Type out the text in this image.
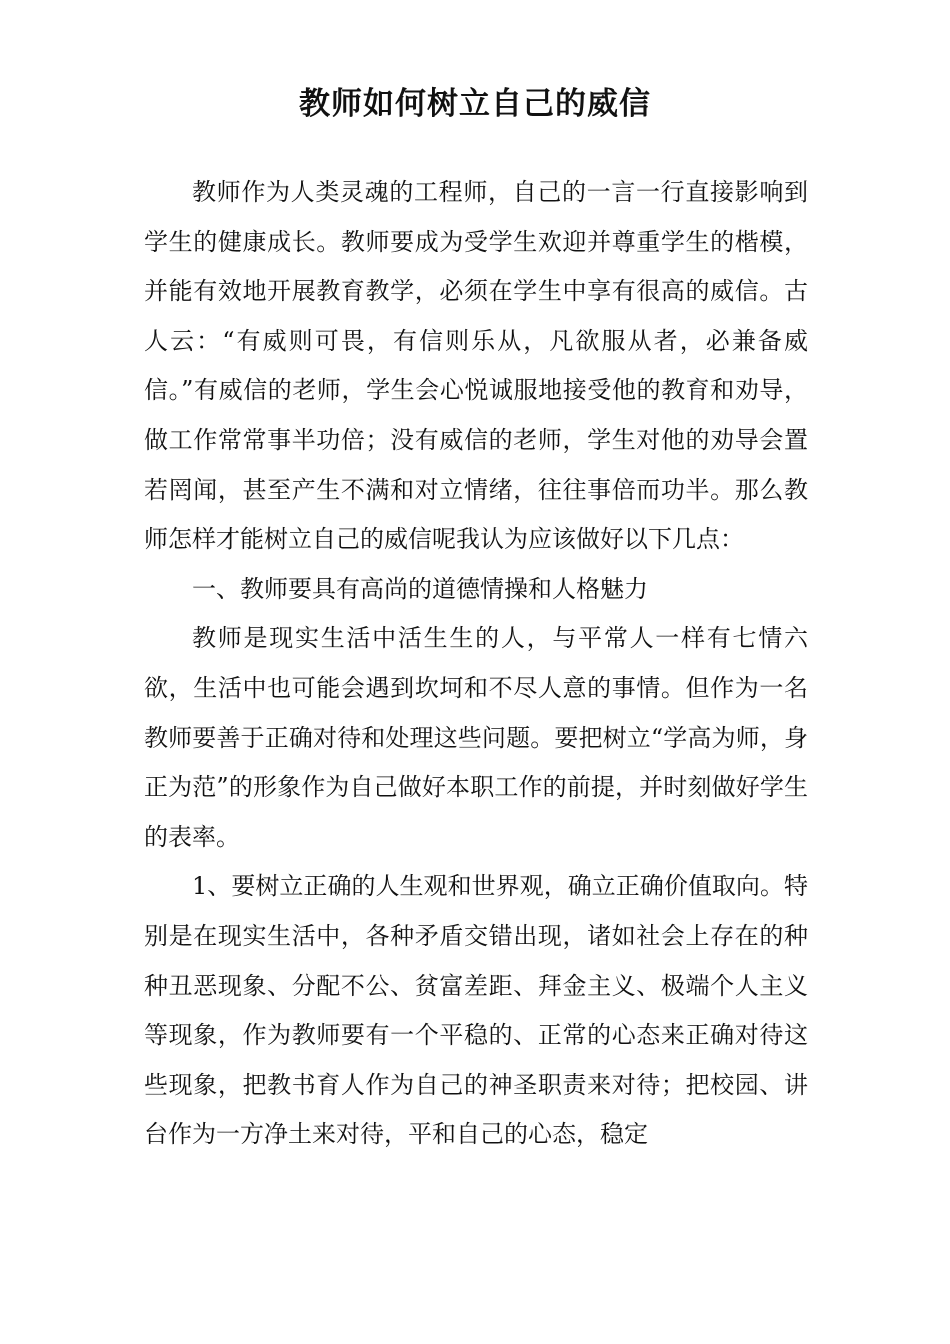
教师如何树立自己的威信

教师作为人类灵魂的工程师，自己的一言一行直接影响到学生的健康成长。教师要成为受学生欢迎并尊重学生的楷模，并能有效地开展教育教学，必须在学生中享有很高的威信。古人云：“有威则可畏，有信则乐从，凡欲服从者，必兼备威信。”有威信的老师，学生会心悦诚服地接受他的教育和劝导，做工作常常事半功倍；没有威信的老师，学生对他的劝导会置若罔闻，甚至产生不满和对立情绪，往往事倍而功半。那么教师怎样才能树立自己的威信呢我认为应该做好以下几点：

一、教师要具有高尚的道德情操和人格魅力

教师是现实生活中活生生的人，与平常人一样有七情六欲，生活中也可能会遇到坎坷和不尽人意的事情。但作为一名教师要善于正确对待和处理这些问题。要把树立“学高为师，身正为范”的形象作为自己做好本职工作的前提，并时刻做好学生的表率。

1、要树立正确的人生观和世界观，确立正确价值取向。特别是在现实生活中，各种矛盾交错出现，诸如社会上存在的种种丑恶现象、分配不公、贫富差距、拜金主义、极端个人主义等现象，作为教师要有一个平稳的、正常的心态来正确对待这些现象，把教书育人作为自己的神圣职责来对待；把校园、讲台作为一方净土来对待，平和自己的心态，稳定
